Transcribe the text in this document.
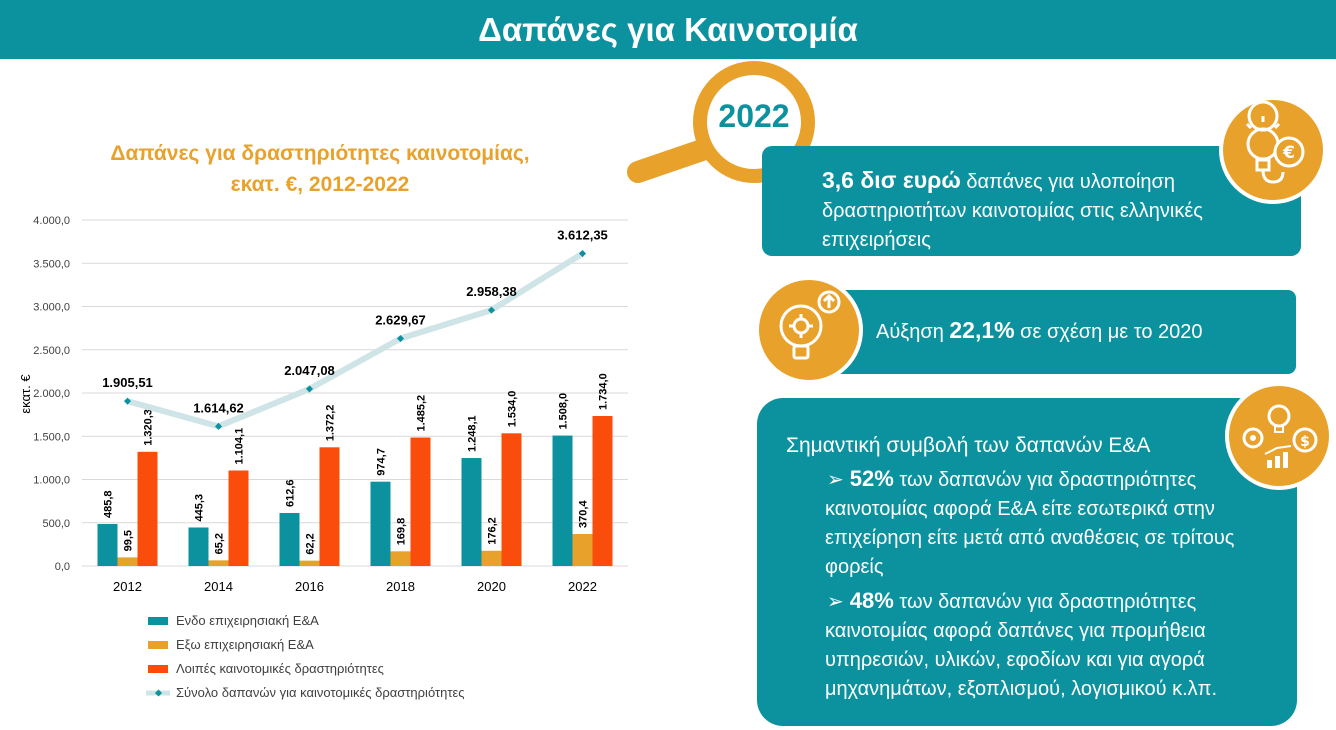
Δαπάνες για Καινοτομία
2022
Δαπάνες για δραστηριότητες καινοτομίας,
εκατ. €, 2012-2022
0,0
500,0
1.000,0
1.500,0
2.000,0
2.500,0
3.000,0
3.500,0
4.000,0
εκατ. €
485,8
99,5
1.320,3
2012
445,3
65,2
1.104,1
2014
612,6
62,2
1.372,2
2016
974,7
169,8
1.485,2
2018
1.248,1
176,2
1.534,0
2020
1.508,0
370,4
1.734,0
2022
1.905,51
1.614,62
2.047,08
2.629,67
2.958,38
3.612,35
Ενδο επιχειρησιακή Ε&Α
Εξω επιχειρησιακή Ε&Α
Λοιπές καινοτομικές δραστηριότητες
Σύνολο δαπανών για καινοτομικές δραστηριότητες
3,6 δισ ευρώ δαπάνες για υλοποίηση δραστηριοτήτων καινοτομίας στις ελληνικές επιχειρήσεις
Αύξηση 22,1% σε σχέση με το 2020
Σημαντική συμβολή των δαπανών Ε&Α
➢ 52% των δαπανών για δραστηριότητες καινοτομίας αφορά Ε&Α είτε εσωτερικά στην επιχείρηση είτε μετά από αναθέσεις σε τρίτους φορείς
➢ 48% των δαπανών για δραστηριότητες καινοτομίας αφορά δαπάνες για προμήθεια υπηρεσιών, υλικών, εφοδίων και για αγορά μηχανημάτων, εξοπλισμού, λογισμικού κ.λπ.
€
$
